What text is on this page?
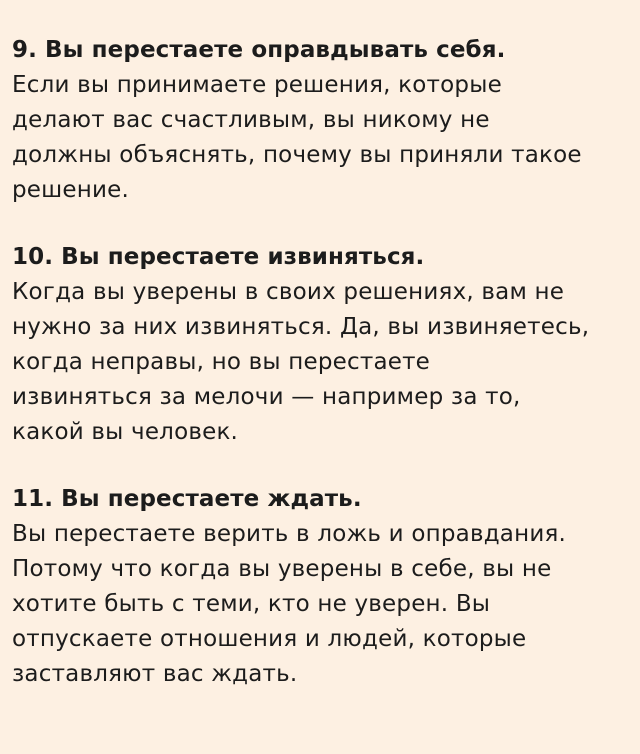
9. Вы перестаете оправдывать себя.

Если вы принимаете решения, которые

делают вас счастливым, вы никому не

должны объяснять, почему вы приняли такое

решение.

10. Вы перестаете извиняться.

Когда вы уверены в своих решениях, вам не

нужно за них извиняться. Да, вы извиняетесь,

когда неправы, но вы перестаете

извиняться за мелочи — например за то,

какой вы человек.

11. Вы перестаете ждать.

Вы перестаете верить в ложь и оправдания.

Потому что когда вы уверены в себе, вы не

хотите быть с теми, кто не уверен. Вы

отпускаете отношения и людей, которые

заставляют вас ждать.
